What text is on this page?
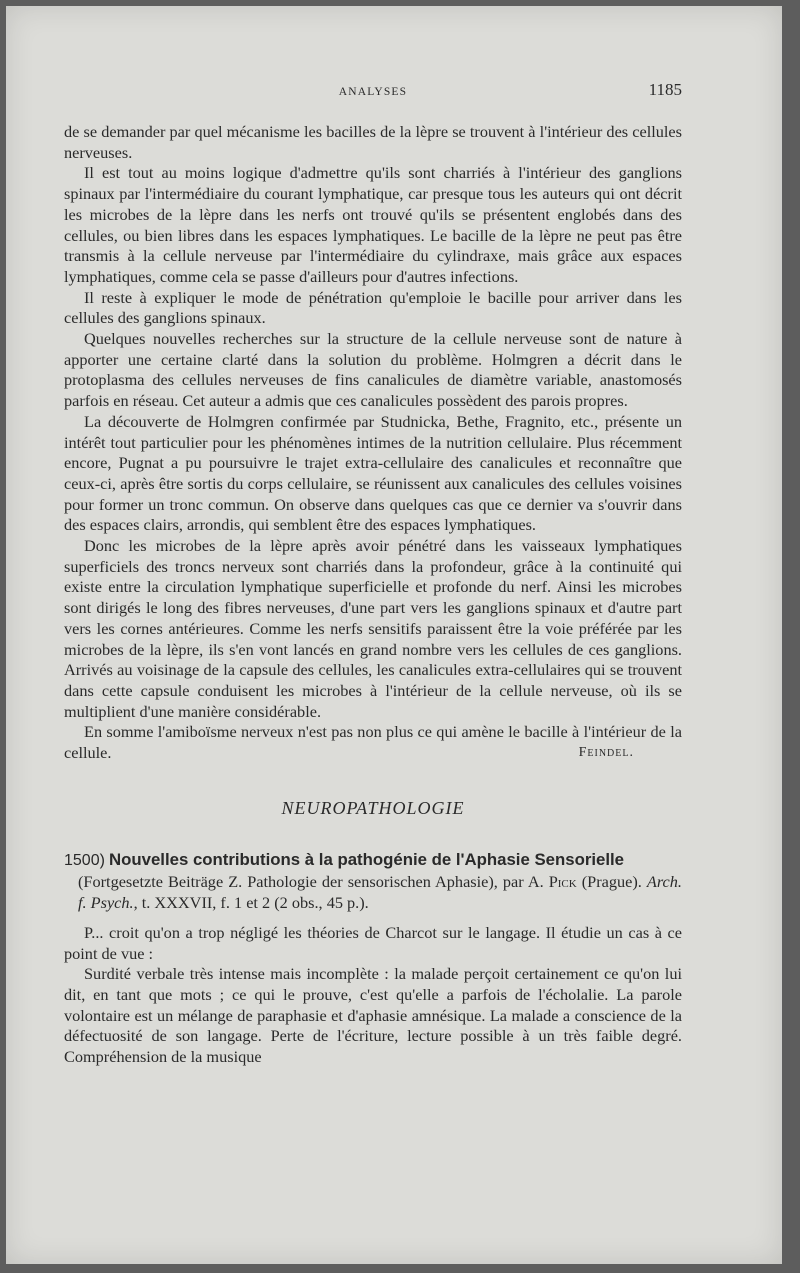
ANALYSES	1185

de se demander par quel mécanisme les bacilles de la lèpre se trouvent à l'intérieur des cellules nerveuses.

Il est tout au moins logique d'admettre qu'ils sont charriés à l'intérieur des ganglions spinaux par l'intermédiaire du courant lymphatique, car presque tous les auteurs qui ont décrit les microbes de la lèpre dans les nerfs ont trouvé qu'ils se présentent englobés dans des cellules, ou bien libres dans les espaces lymphatiques. Le bacille de la lèpre ne peut pas être transmis à la cellule nerveuse par l'intermédiaire du cylindraxe, mais grâce aux espaces lymphatiques, comme cela se passe d'ailleurs pour d'autres infections.

Il reste à expliquer le mode de pénétration qu'emploie le bacille pour arriver dans les cellules des ganglions spinaux.

Quelques nouvelles recherches sur la structure de la cellule nerveuse sont de nature à apporter une certaine clarté dans la solution du problème. Holmgren a décrit dans le protoplasma des cellules nerveuses de fins canalicules de diamètre variable, anastomosés parfois en réseau. Cet auteur a admis que ces canalicules possèdent des parois propres.

La découverte de Holmgren confirmée par Studnicka, Bethe, Fragnito, etc., présente un intérêt tout particulier pour les phénomènes intimes de la nutrition cellulaire. Plus récemment encore, Pugnat a pu poursuivre le trajet extra-cellulaire des canalicules et reconnaître que ceux-ci, après être sortis du corps cellulaire, se réunissent aux canalicules des cellules voisines pour former un tronc commun. On observe dans quelques cas que ce dernier va s'ouvrir dans des espaces clairs, arrondis, qui semblent être des espaces lymphatiques.

Donc les microbes de la lèpre après avoir pénétré dans les vaisseaux lymphatiques superficiels des troncs nerveux sont charriés dans la profondeur, grâce à la continuité qui existe entre la circulation lymphatique superficielle et profonde du nerf. Ainsi les microbes sont dirigés le long des fibres nerveuses, d'une part vers les ganglions spinaux et d'autre part vers les cornes antérieures. Comme les nerfs sensitifs paraissent être la voie préférée par les microbes de la lèpre, ils s'en vont lancés en grand nombre vers les cellules de ces ganglions. Arrivés au voisinage de la capsule des cellules, les canalicules extra-cellulaires qui se trouvent dans cette capsule conduisent les microbes à l'intérieur de la cellule nerveuse, où ils se multiplient d'une manière considérable.

En somme l'amiboïsme nerveux n'est pas non plus ce qui amène le bacille à l'intérieur de la cellule.	Feindel.
NEUROPATHOLOGIE
1500) Nouvelles contributions à la pathogénie de l'Aphasie Sensorielle
(Fortgesetzte Beiträge Z. Pathologie der sensorischen Aphasie), par A. Pick (Prague). Arch. f. Psych., t. XXXVII, f. 1 et 2 (2 obs., 45 p.).

P... croit qu'on a trop négligé les théories de Charcot sur le langage. Il étudie un cas à ce point de vue :

Surdité verbale très intense mais incomplète : la malade perçoit certainement ce qu'on lui dit, en tant que mots ; ce qui le prouve, c'est qu'elle a parfois de l'écholalie. La parole volontaire est un mélange de paraphasie et d'aphasie amnésique. La malade a conscience de la défectuosité de son langage. Perte de l'écriture, lecture possible à un très faible degré. Compréhension de la musique
